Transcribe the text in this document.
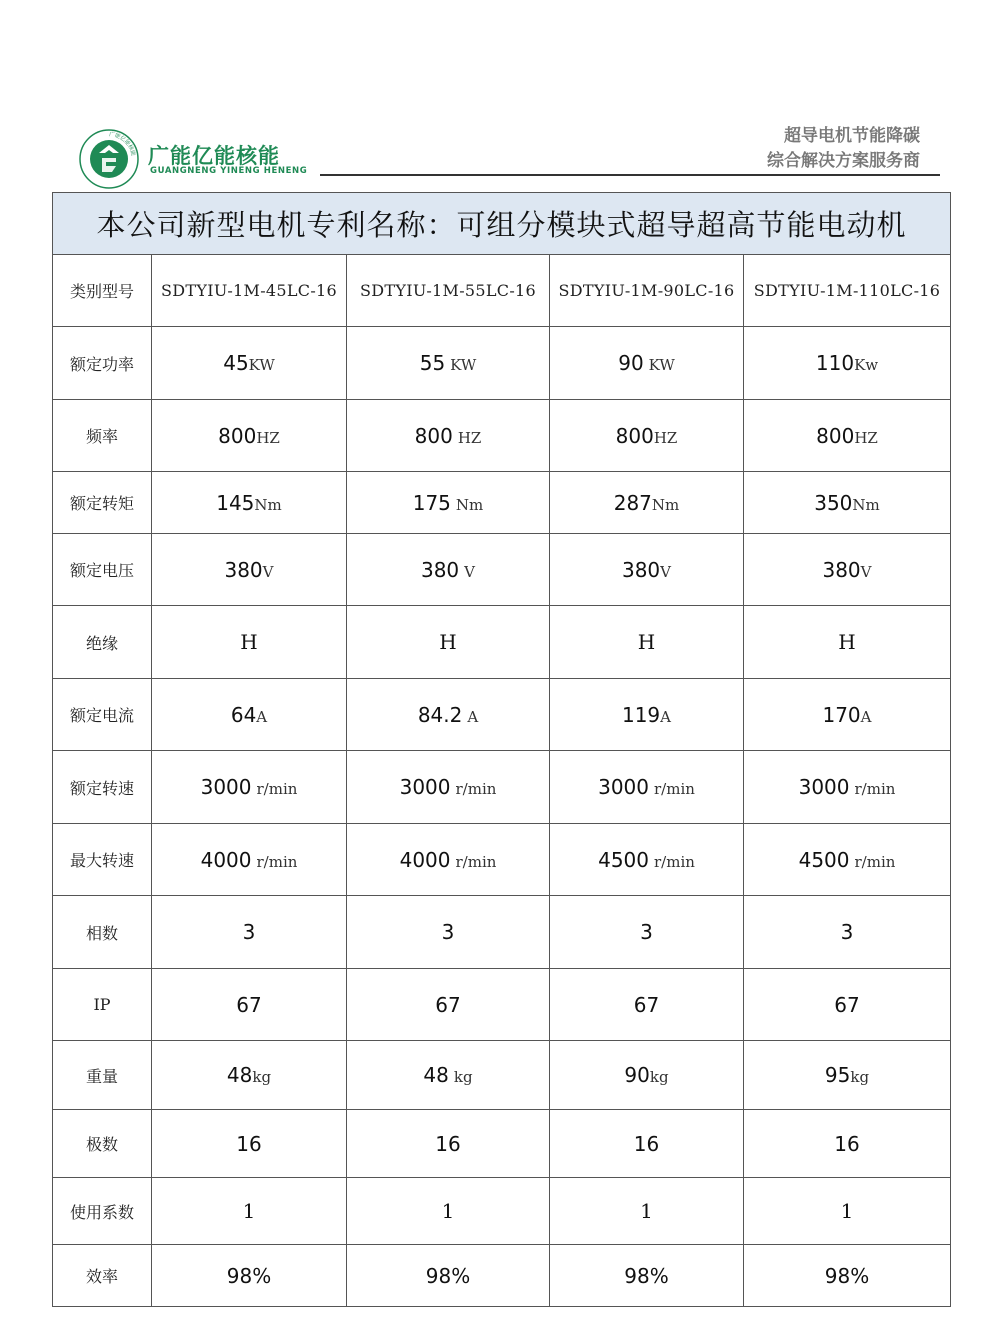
广能亿能核能 广能亿能核能
GUANGNENG YINENG HENENG
超导电机节能降碳
综合解决方案服务商
本公司新型电机专利名称：可组分模块式超导超高节能电动机				
类别型号	SDTYIU-1M-45LC-16	SDTYIU-1M-55LC-16	SDTYIU-1M-90LC-16	SDTYIU-1M-110LC-16
额定功率	45KW	55 KW	90 KW	110Kw
频率	800HZ	800 HZ	800HZ	800HZ
额定转矩	145Nm	175 Nm	287Nm	350Nm
额定电压	380V	380 V	380V	380V
绝缘	H	H	H	H
额定电流	64A	84.2 A	119A	170A
额定转速	3000 r/min	3000 r/min	3000 r/min	3000 r/min
最大转速	4000 r/min	4000 r/min	4500 r/min	4500 r/min
相数	3	3	3	3
IP	67	67	67	67
重量	48kg	48 kg	90kg	95kg
极数	16	16	16	16
使用系数	1	1	1	1
效率	98%	98%	98%	98%
